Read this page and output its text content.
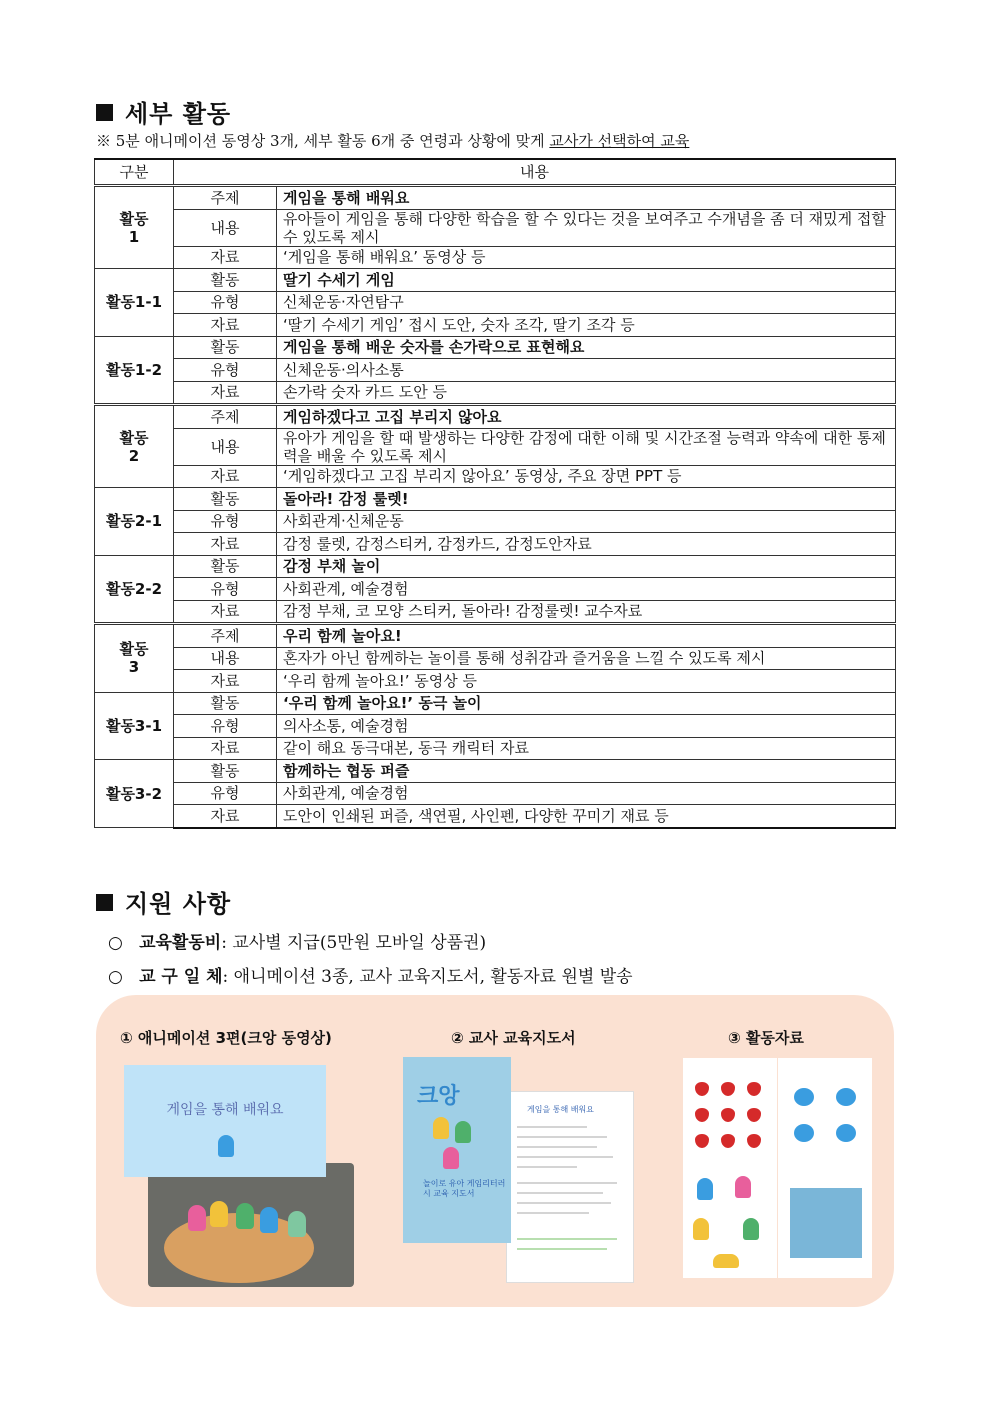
세부 활동
※ 5분 애니메이션 동영상 3개, 세부 활동 6개 중 연령과 상황에 맞게 교사가 선택하여 교육
구분	내용	
활동
1	주제	게임을 통해 배워요
	내용	유아들이 게임을 통해 다양한 학습을 할 수 있다는 것을 보여주고 수개념을 좀 더 재밌게 접할 수 있도록 제시
	자료	‘게임을 통해 배워요’ 동영상 등
활동1-1	활동	딸기 수세기 게임
	유형	신체운동·자연탐구
	자료	‘딸기 수세기 게임’ 접시 도안, 숫자 조각, 딸기 조각 등
활동1-2	활동	게임을 통해 배운 숫자를 손가락으로 표현해요
	유형	신체운동·의사소통
	자료	손가락 숫자 카드 도안 등
활동
2	주제	게임하겠다고 고집 부리지 않아요
	내용	유아가 게임을 할 때 발생하는 다양한 감정에 대한 이해 및 시간조절 능력과 약속에 대한 통제력을 배울 수 있도록 제시
	자료	‘게임하겠다고 고집 부리지 않아요’ 동영상, 주요 장면 PPT 등
활동2-1	활동	돌아라! 감정 룰렛!
	유형	사회관계·신체운동
	자료	감정 룰렛, 감정스티커, 감정카드, 감정도안자료
활동2-2	활동	감정 부채 놀이
	유형	사회관계, 예술경험
	자료	감정 부채, 코 모양 스티커, 돌아라! 감정룰렛! 교수자료
활동
3	주제	우리 함께 놀아요!
	내용	혼자가 아닌 함께하는 놀이를 통해 성취감과 즐거움을 느낄 수 있도록 제시
	자료	‘우리 함께 놀아요!’ 동영상 등
활동3-1	활동	‘우리 함께 놀아요!’ 동극 놀이
	유형	의사소통, 예술경험
	자료	같이 해요 동극대본, 동극 캐릭터 자료
활동3-2	활동	함께하는 협동 퍼즐
	유형	사회관계, 예술경험
	자료	도안이 인쇄된 퍼즐, 색연필, 사인펜, 다양한 꾸미기 재료 등
지원 사항
○ 교육활동비: 교사별 지급(5만원 모바일 상품권)
○ 교 구 일 체: 애니메이션 3종, 교사 교육지도서, 활동자료 원별 발송
① 애니메이션 3편(크앙 동영상)	② 교사 교육지도서	③ 활동자료
게임을 통해 배워요	게임을 통해 배워요
크앙
놀이로 유아 게임리터러시 교육 지도서
